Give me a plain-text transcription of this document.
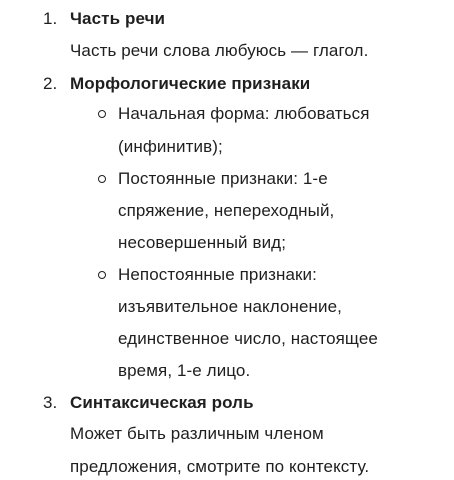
1. Часть речи
Часть речи слова любуюсь — глагол.
2. Морфологические признаки
Начальная форма: любоваться
(инфинитив);
Постоянные признаки: 1-е
спряжение, непереходный,
несовершенный вид;
Непостоянные признаки:
изъявительное наклонение,
единственное число, настоящее
время, 1-е лицо.
3. Синтаксическая роль
Может быть различным членом
предложения, смотрите по контексту.
